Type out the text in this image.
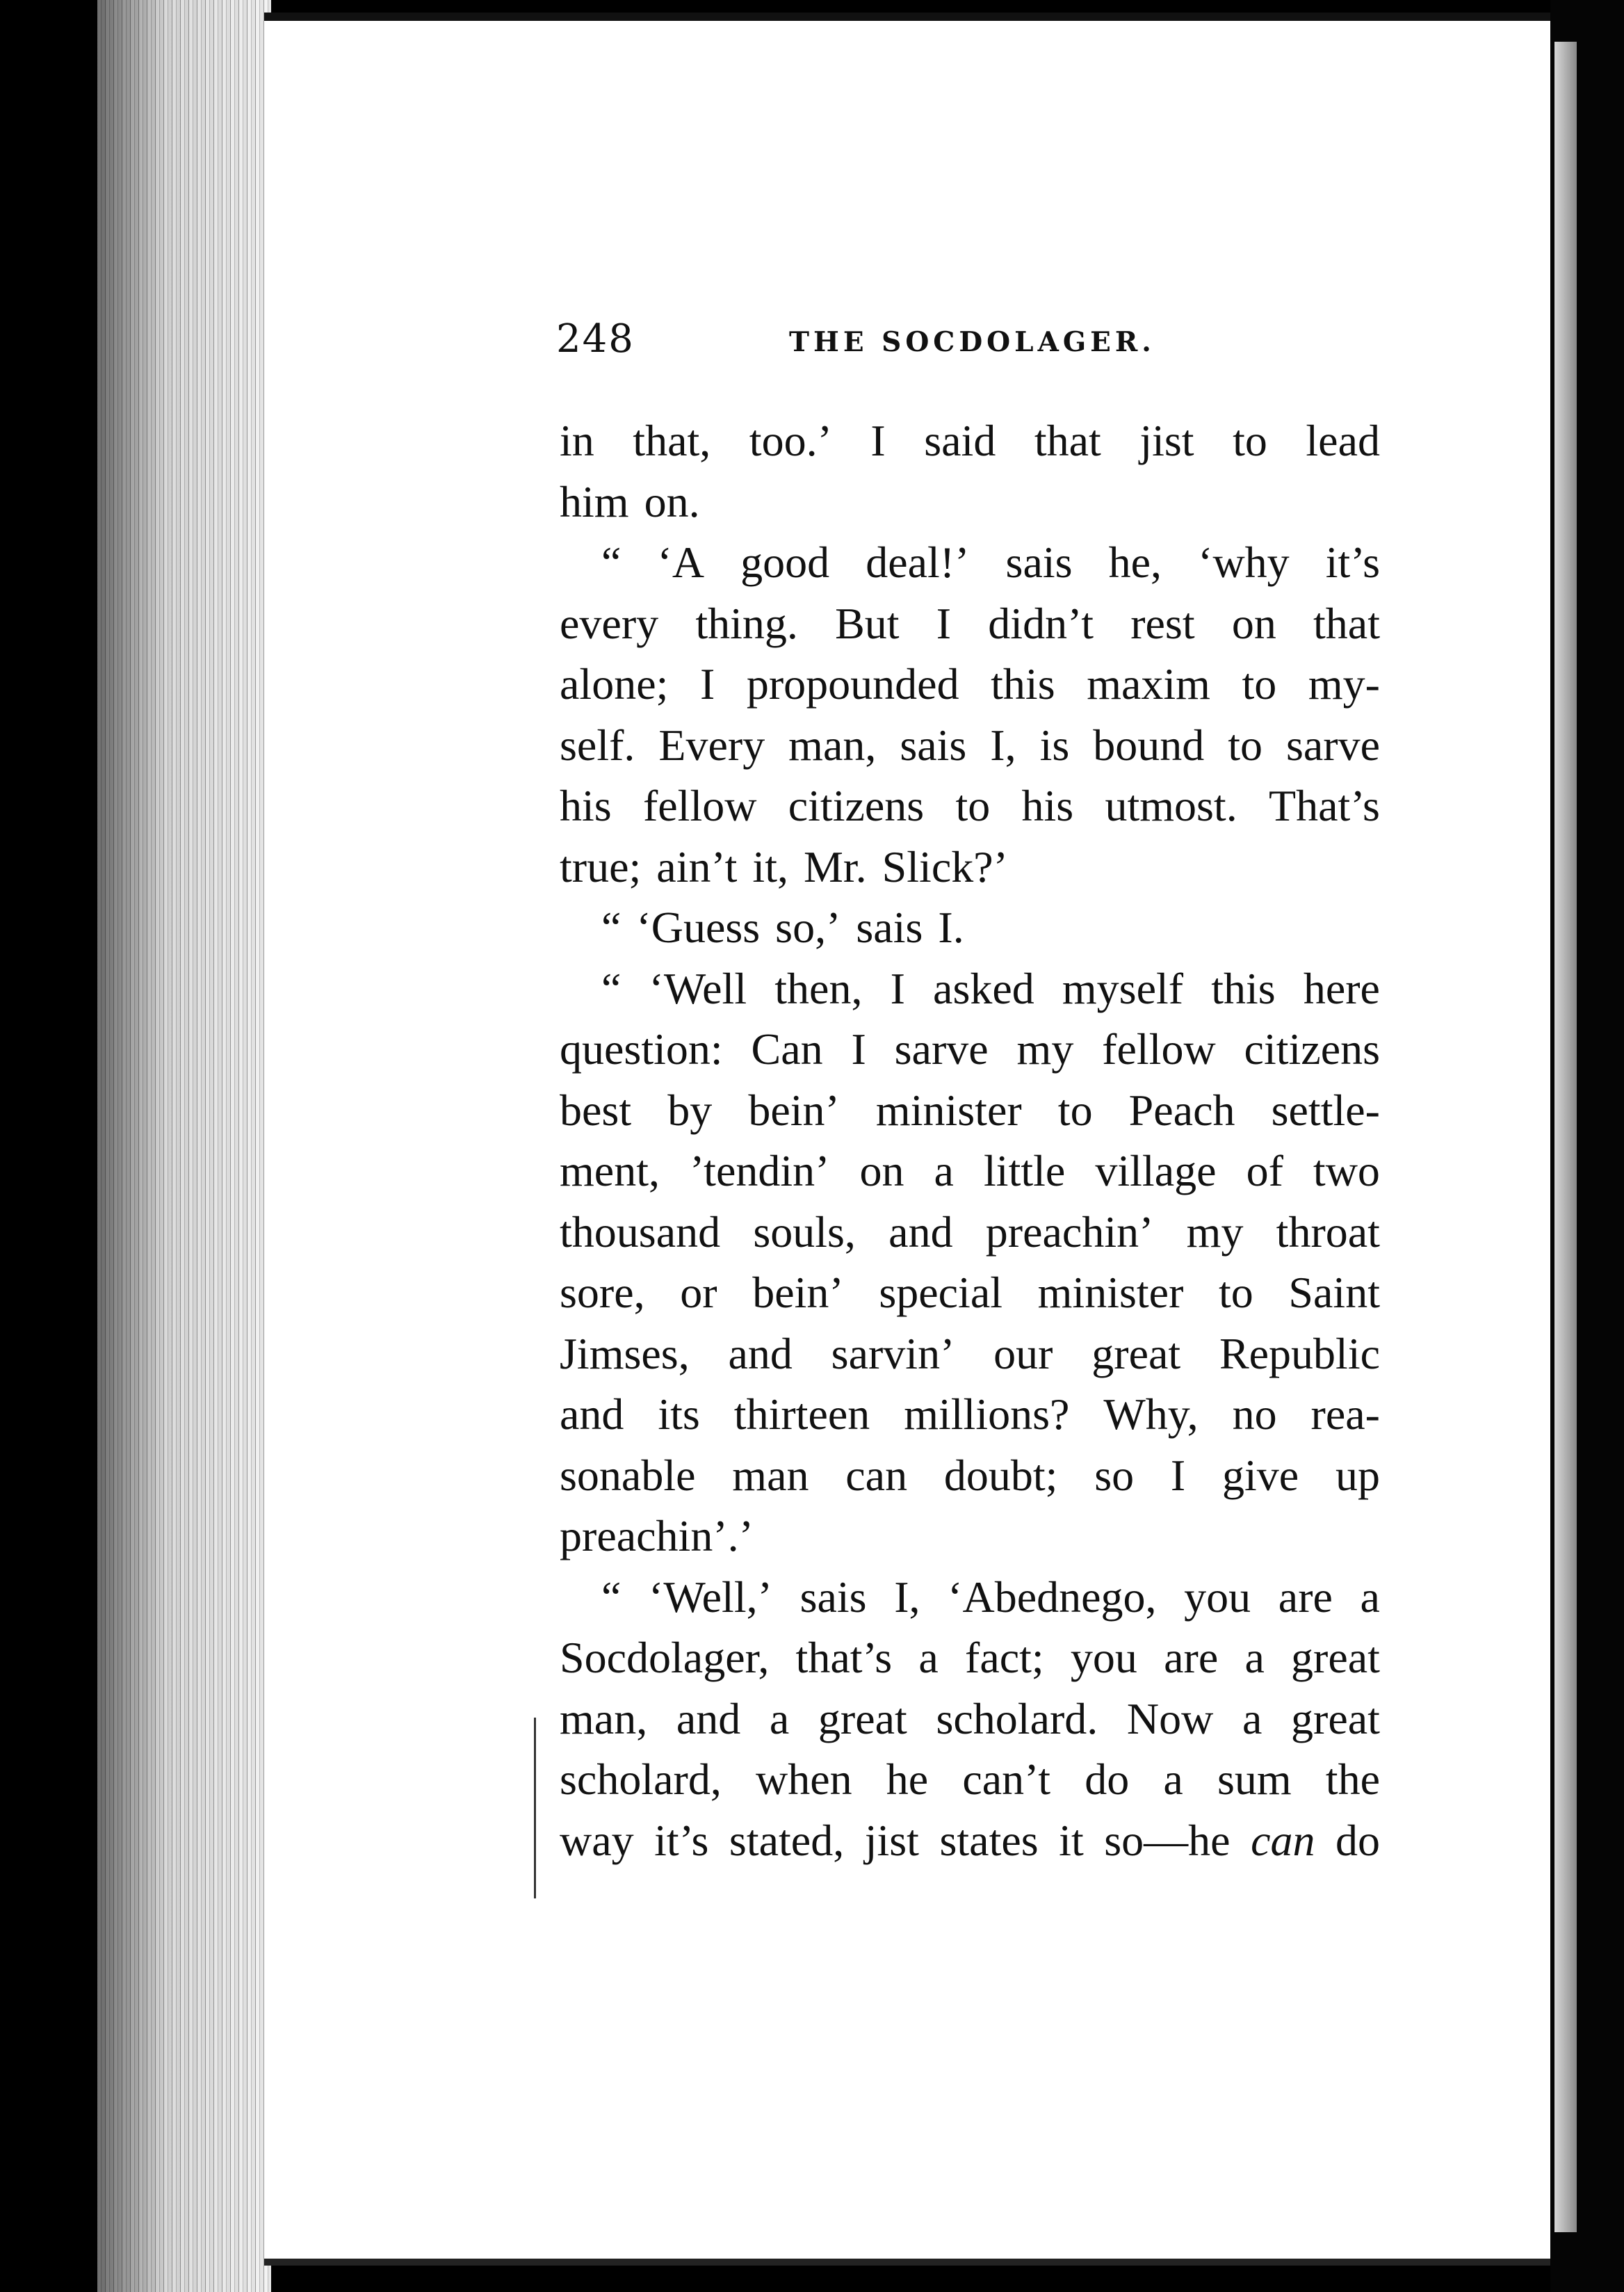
248	THE SOCDOLAGER.
in that, too.’ I said that jist to lead
him on.
“ ‘A good deal!’ sais he, ‘why it’s
every thing. But I didn’t rest on that
alone; I propounded this maxim to my-
self. Every man, sais I, is bound to sarve
his fellow citizens to his utmost. That’s
true; ain’t it, Mr. Slick?’
“ ‘Guess so,’ sais I.
“ ‘Well then, I asked myself this here
question: Can I sarve my fellow citizens
best by bein’ minister to Peach settle-
ment, ’tendin’ on a little village of two
thousand souls, and preachin’ my throat
sore, or bein’ special minister to Saint
Jimses, and sarvin’ our great Republic
and its thirteen millions? Why, no rea-
sonable man can doubt; so I give up
preachin’.’
“ ‘Well,’ sais I, ‘Abednego, you are a
Socdolager, that’s a fact; you are a great
man, and a great scholard. Now a great
scholard, when he can’t do a sum the
way it’s stated, jist states it so—he can do
